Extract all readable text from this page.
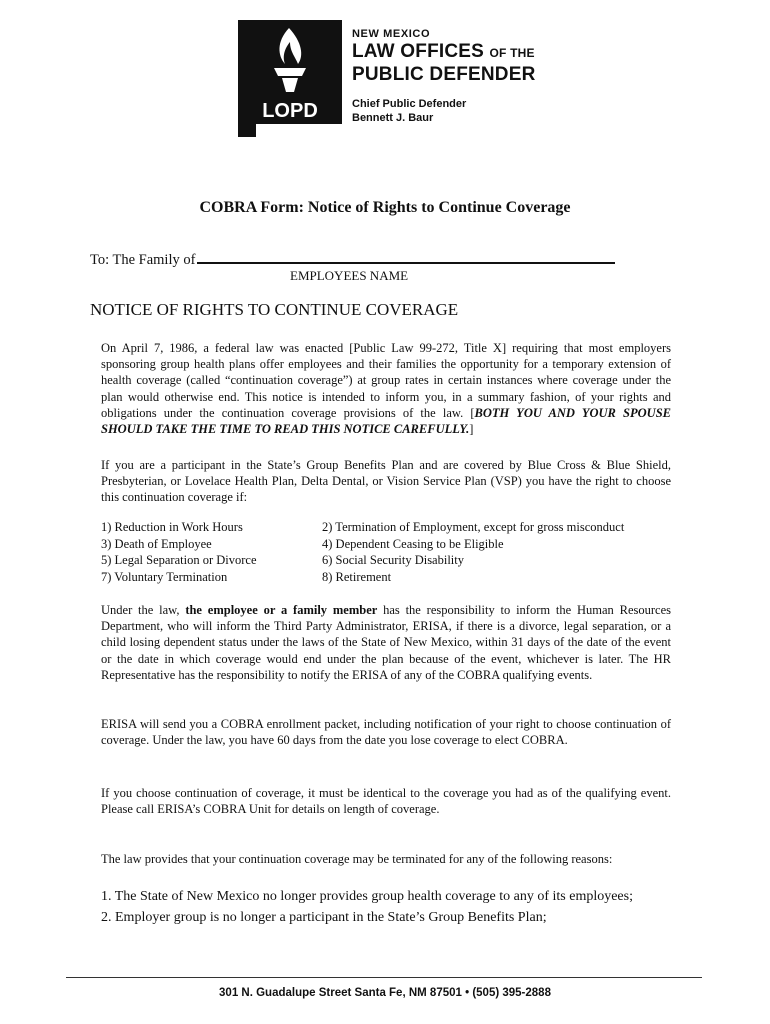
LOPD
NEW MEXICO
LAW OFFICES OF THE
PUBLIC DEFENDER
Chief Public Defender
Bennett J. Baur
COBRA Form: Notice of Rights to Continue Coverage
To: The Family of
EMPLOYEES NAME
NOTICE OF RIGHTS TO CONTINUE COVERAGE
On April 7, 1986, a federal law was enacted [Public Law 99-272, Title X] requiring that most employers sponsoring group health plans offer employees and their families the opportunity for a temporary extension of health coverage (called “continuation coverage”) at group rates in certain instances where coverage under the plan would otherwise end. This notice is intended to inform you, in a summary fashion, of your rights and obligations under the continuation coverage provisions of the law. [BOTH YOU AND YOUR SPOUSE SHOULD TAKE THE TIME TO READ THIS NOTICE CAREFULLY.]
If you are a participant in the State’s Group Benefits Plan and are covered by Blue Cross & Blue Shield, Presbyterian, or Lovelace Health Plan, Delta Dental, or Vision Service Plan (VSP) you have the right to choose this continuation coverage if:
1) Reduction in Work Hours	2) Termination of Employment, except for gross misconduct
3) Death of Employee	4) Dependent Ceasing to be Eligible
5) Legal Separation or Divorce	6) Social Security Disability
7) Voluntary Termination	8) Retirement
Under the law, the employee or a family member has the responsibility to inform the Human Resources Department, who will inform the Third Party Administrator, ERISA, if there is a divorce, legal separation, or a child losing dependent status under the laws of the State of New Mexico, within 31 days of the date of the event or the date in which coverage would end under the plan because of the event, whichever is later. The HR Representative has the responsibility to notify the ERISA of any of the COBRA qualifying events.
ERISA will send you a COBRA enrollment packet, including notification of your right to choose continuation of coverage. Under the law, you have 60 days from the date you lose coverage to elect COBRA.
If you choose continuation of coverage, it must be identical to the coverage you had as of the qualifying event. Please call ERISA’s COBRA Unit for details on length of coverage.
The law provides that your continuation coverage may be terminated for any of the following reasons:
1. The State of New Mexico no longer provides group health coverage to any of its employees;
2. Employer group is no longer a participant in the State’s Group Benefits Plan;
301 N. Guadalupe Street Santa Fe, NM 87501 • (505) 395-2888
